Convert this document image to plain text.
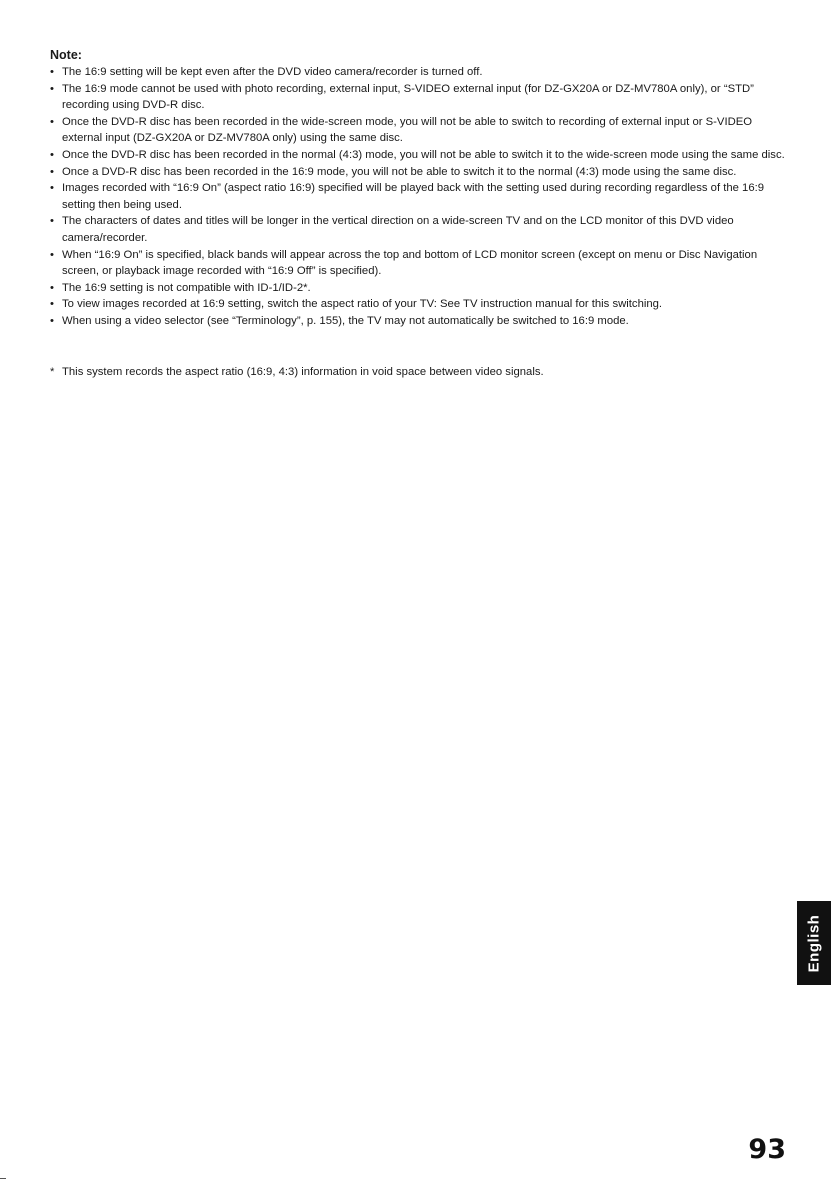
Note:

• The 16:9 setting will be kept even after the DVD video camera/recorder is turned off.
• The 16:9 mode cannot be used with photo recording, external input, S-VIDEO external input (for DZ-GX20A or DZ-MV780A only), or “STD” recording using DVD-R disc.
• Once the DVD-R disc has been recorded in the wide-screen mode, you will not be able to switch to recording of external input or S-VIDEO external input (DZ-GX20A or DZ-MV780A only) using the same disc.
• Once the DVD-R disc has been recorded in the normal (4:3) mode, you will not be able to switch it to the wide-screen mode using the same disc.
• Once a DVD-R disc has been recorded in the 16:9 mode, you will not be able to switch it to the normal (4:3) mode using the same disc.
• Images recorded with “16:9 On” (aspect ratio 16:9) specified will be played back with the setting used during recording regardless of the 16:9 setting then being used.
• The characters of dates and titles will be longer in the vertical direction on a wide-screen TV and on the LCD monitor of this DVD video camera/recorder.
• When “16:9 On” is specified, black bands will appear across the top and bottom of LCD monitor screen (except on menu or Disc Navigation screen, or playback image recorded with “16:9 Off” is specified).
• The 16:9 setting is not compatible with ID-1/ID-2*.
• To view images recorded at 16:9 setting, switch the aspect ratio of your TV: See TV instruction manual for this switching.
• When using a video selector (see “Terminology”, p. 155), the TV may not automatically be switched to 16:9 mode.

* This system records the aspect ratio (16:9, 4:3) information in void space between video signals.

English
93
